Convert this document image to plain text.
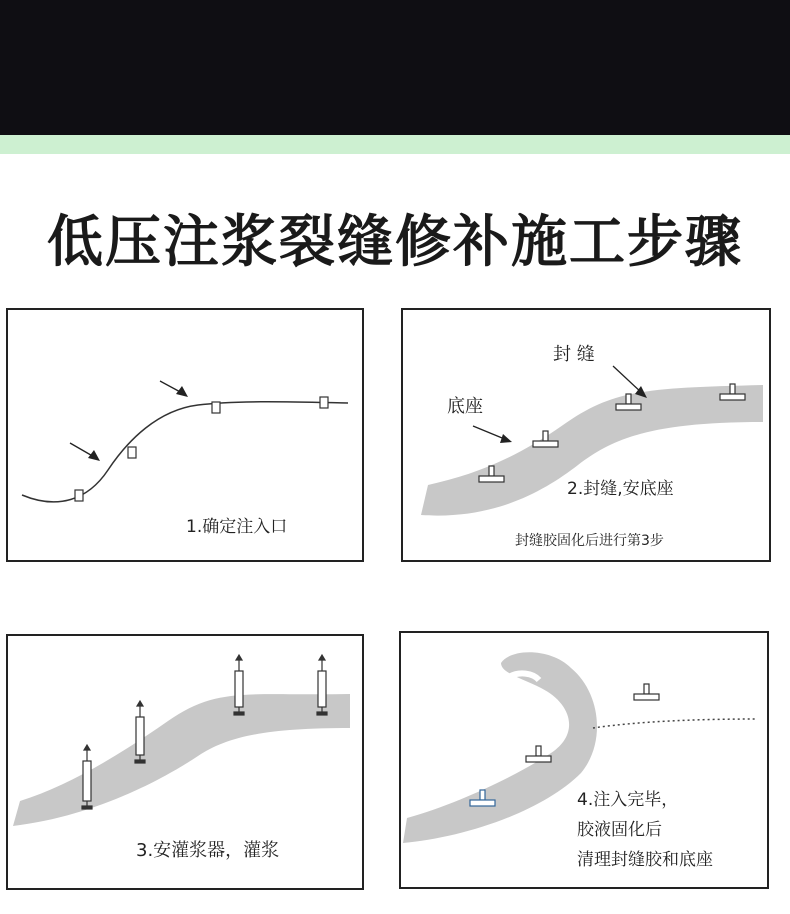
低压注浆裂缝修补施工步骤
1.确定注入口
封 缝
底座
2.封缝,安底座
封缝胶固化后进行第3步
3.安灌浆器，灌浆
4.注入完毕，
胶液固化后
清理封缝胶和底座
